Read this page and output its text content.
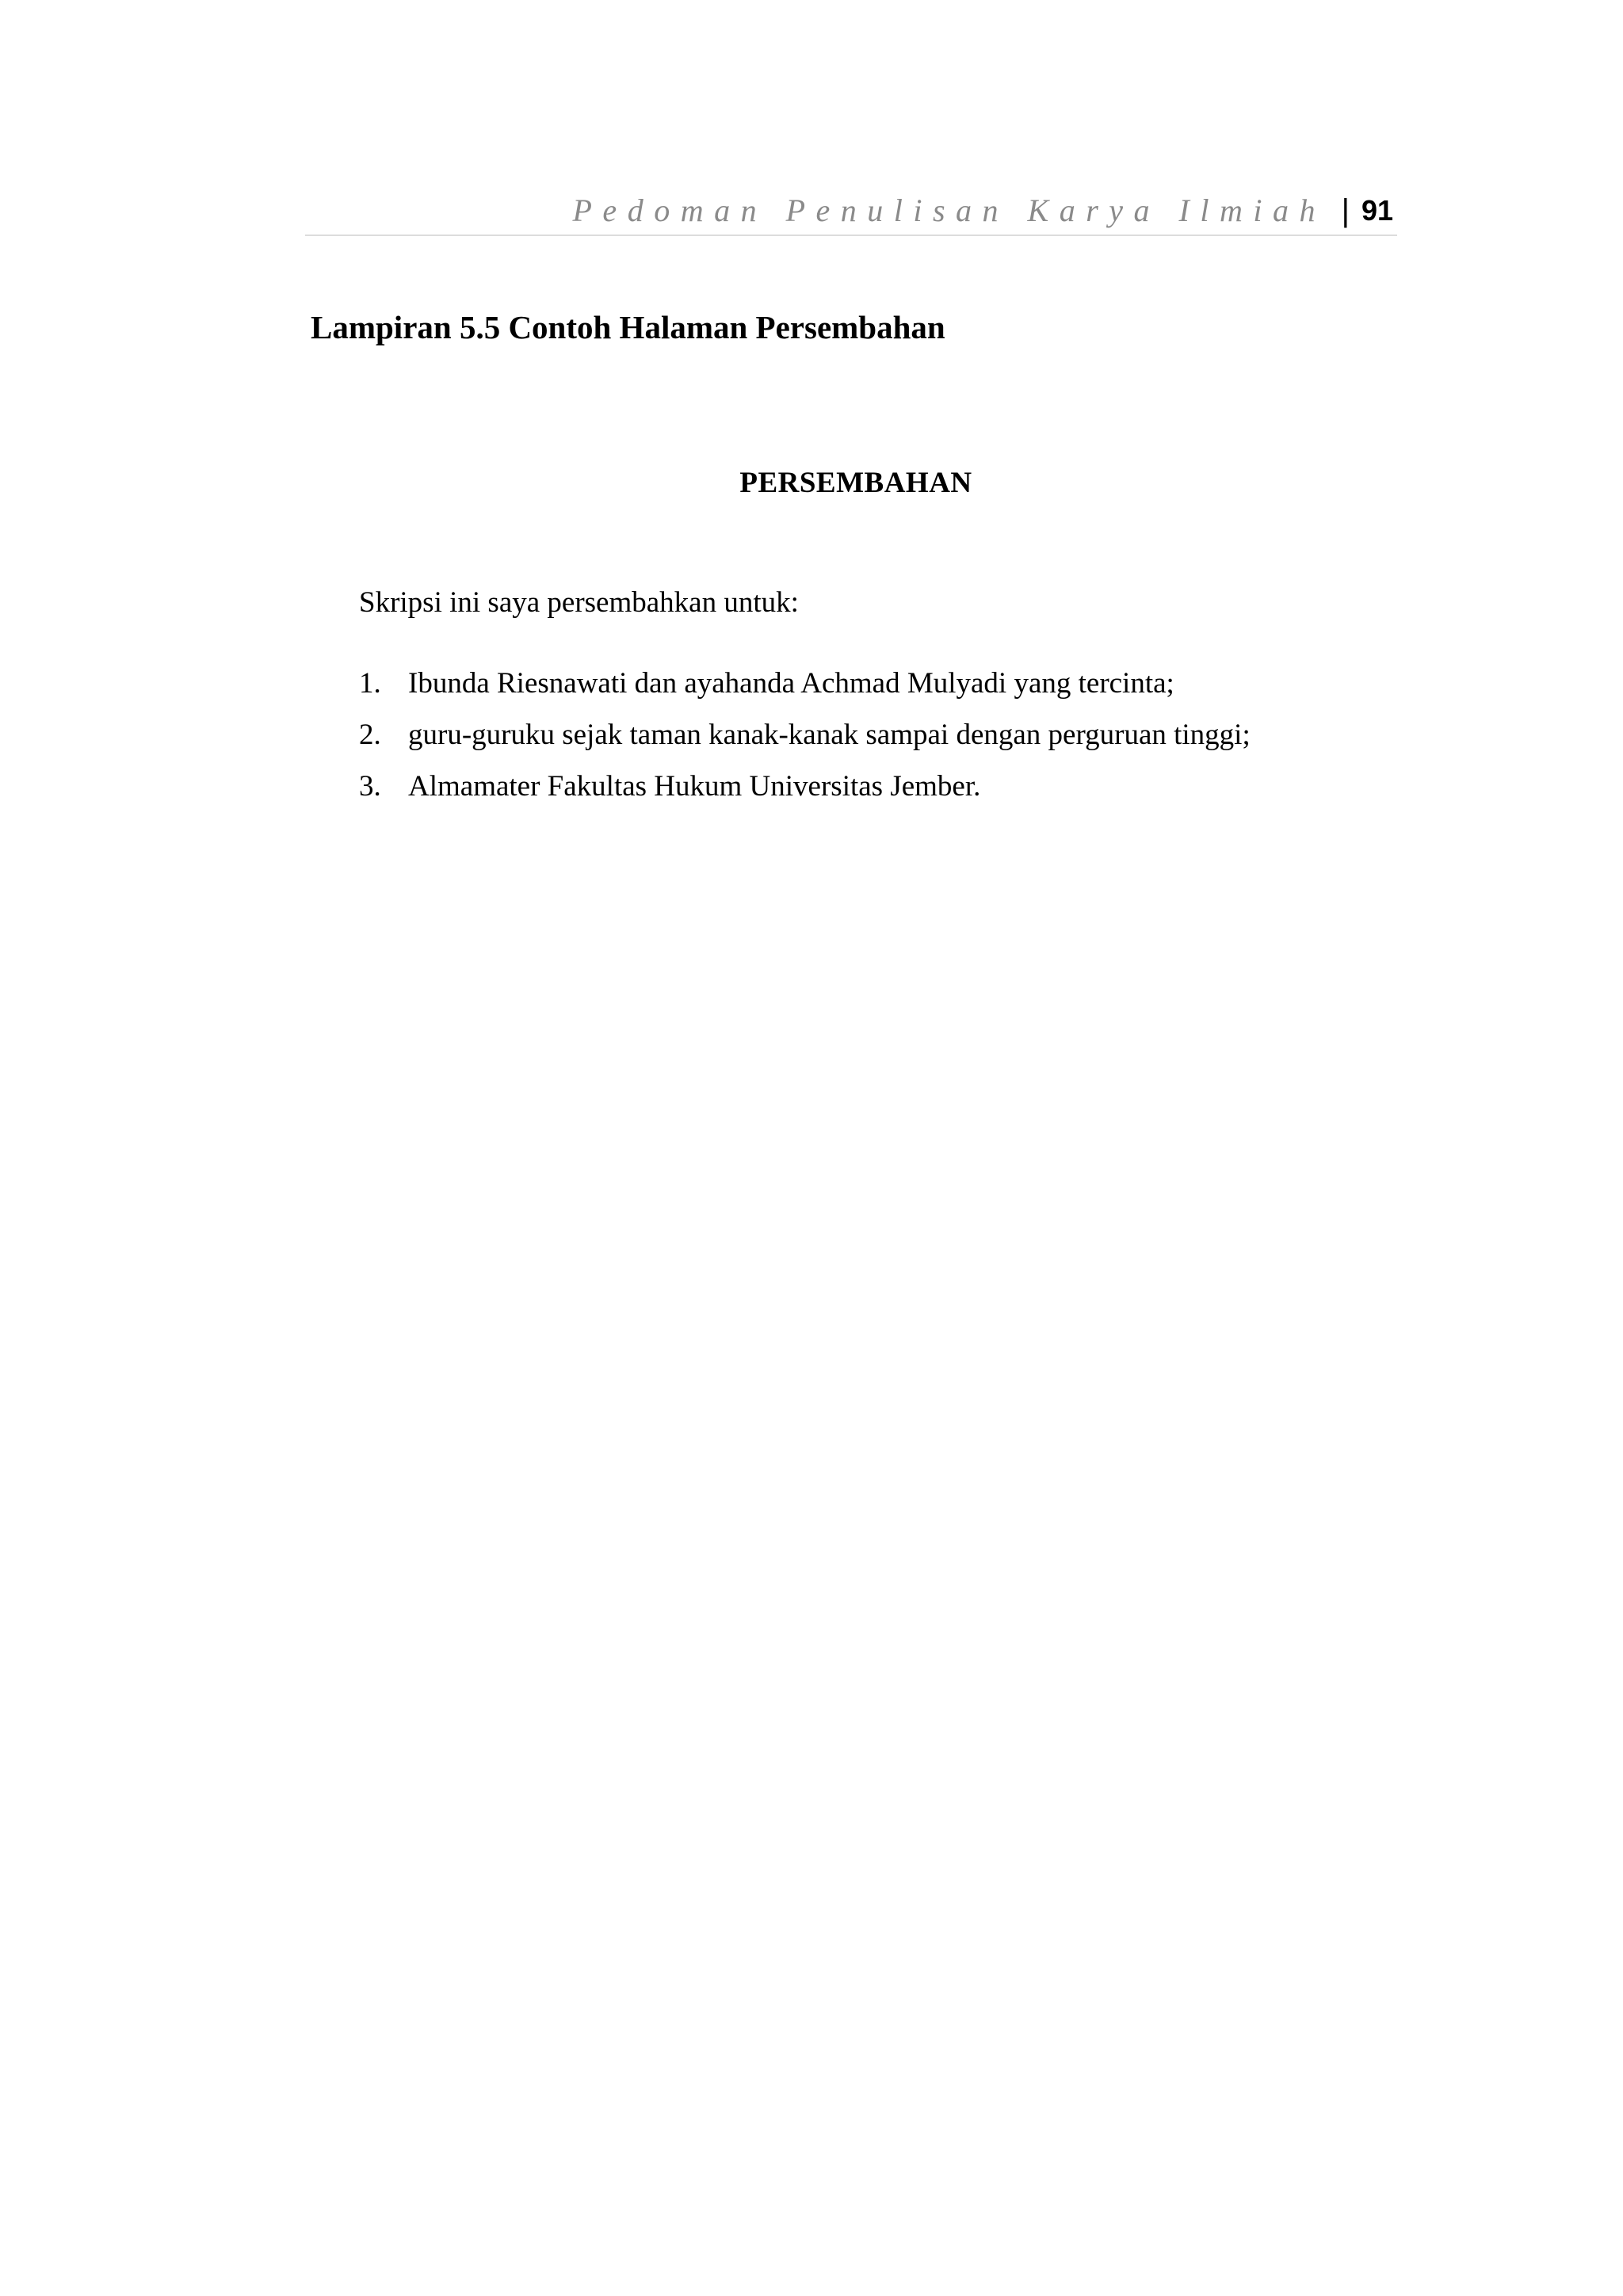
Pedoman Penulisan Karya Ilmiah | 91
Lampiran 5.5 Contoh Halaman Persembahan
PERSEMBAHAN

Skripsi ini saya persembahkan untuk:

1. Ibunda Riesnawati dan ayahanda Achmad Mulyadi yang tercinta;
2. guru-guruku sejak taman kanak-kanak sampai dengan perguruan tinggi;
3. Almamater Fakultas Hukum Universitas Jember.
